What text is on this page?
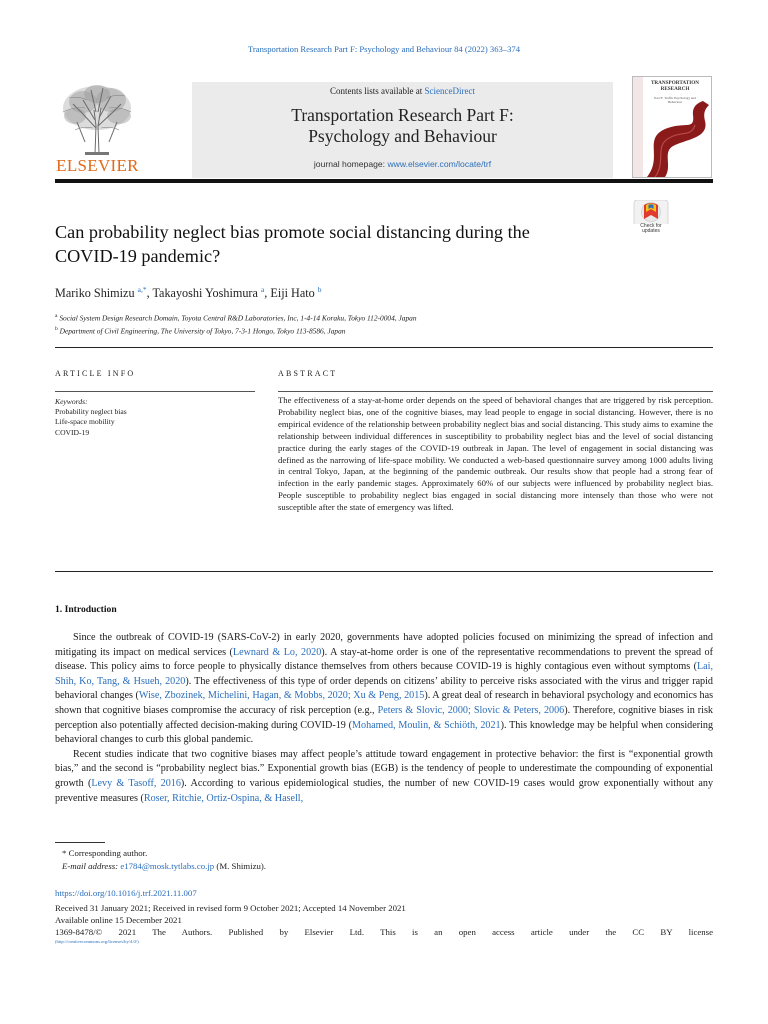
Transportation Research Part F: Psychology and Behaviour 84 (2022) 363–374
ELSEVIER
Contents lists available at ScienceDirect
Transportation Research Part F:
Psychology and Behaviour
journal homepage: www.elsevier.com/locate/trf
TRANSPORTATION RESEARCH
Part F: Traffic Psychology and Behaviour
Can probability neglect bias promote social distancing during the
COVID-19 pandemic?
Check for
updates
Mariko Shimizu $^{a,*}$, Takayoshi Yoshimura $^a$, Eiji Hato $^b$
$^a$ Social System Design Research Domain, Toyota Central R&D Laboratories, Inc, 1-4-14 Koraku, Tokyo 112-0004, Japan
$^b$ Department of Civil Engineering, The University of Tokyo, 7-3-1 Hongo, Tokyo 113-8586, Japan
ARTICLE INFO	ABSTRACT
Keywords:
Probability neglect bias
Life-space mobility
COVID-19
The effectiveness of a stay-at-home order depends on the speed of behavioral changes that are triggered by risk perception. Probability neglect bias, one of the cognitive biases, may lead people to engage in social distancing. However, there is no empirical evidence of the relationship between probability neglect bias and social distancing. This study aims to examine the relationship between individual differences in susceptibility to probability neglect bias and the level of social distancing practice during the early stages of the COVID-19 outbreak in Japan. The level of engagement in social distancing was defined as the narrowing of life-space mobility. We conducted a web-based questionnaire survey among 1000 adults living in central Tokyo, Japan, at the beginning of the pandemic outbreak. Our results show that people had a strong fear of infection in the early pandemic stages. Approximately 60% of our subjects were influenced by probability neglect bias. People susceptible to probability neglect bias engaged in social distancing more intensely than those who were not susceptible after the state of emergency was lifted.
1. Introduction

Since the outbreak of COVID-19 (SARS-CoV-2) in early 2020, governments have adopted policies focused on minimizing the spread of infection and mitigating its impact on medical services (Lewnard & Lo, 2020). A stay-at-home order is one of the representative recommendations to prevent the spread of disease. This policy aims to force people to physically distance themselves from others because COVID-19 is highly contagious even without symptoms (Lai, Shih, Ko, Tang, & Hsueh, 2020). The effectiveness of this type of order depends on citizens’ ability to perceive risks associated with the virus and trigger rapid behavioral changes (Wise, Zbozinek, Michelini, Hagan, & Mobbs, 2020; Xu & Peng, 2015). A great deal of research in behavioral psychology and economics has shown that cognitive biases compromise the accuracy of risk perception (e.g., Peters & Slovic, 2000; Slovic & Peters, 2006). Therefore, cognitive biases in risk perception also potentially affected decision-making during COVID-19 (Mohamed, Moulin, & Schiöth, 2021). This knowledge may be helpful when considering behavioral changes to curb this global pandemic.

Recent studies indicate that two cognitive biases may affect people’s attitude toward engagement in protective behavior: the first is “exponential growth bias,” and the second is “probability neglect bias.” Exponential growth bias (EGB) is the tendency of people to underestimate the compounding of exponential growth (Levy & Tasoff, 2016). According to various epidemiological studies, the number of new COVID-19 cases would grow exponentially without any preventive measures (Roser, Ritchie, Ortiz-Ospina, & Hasell,

* Corresponding author.
E-mail address: e1784@mosk.tytlabs.co.jp (M. Shimizu).
https://doi.org/10.1016/j.trf.2021.11.007
Received 31 January 2021; Received in revised form 9 October 2021; Accepted 14 November 2021
Available online 15 December 2021
1369-8478/© 2021 The Authors. Published by Elsevier Ltd. This is an open access article under the CC BY license
(http://creativecommons.org/licenses/by/4.0/).
